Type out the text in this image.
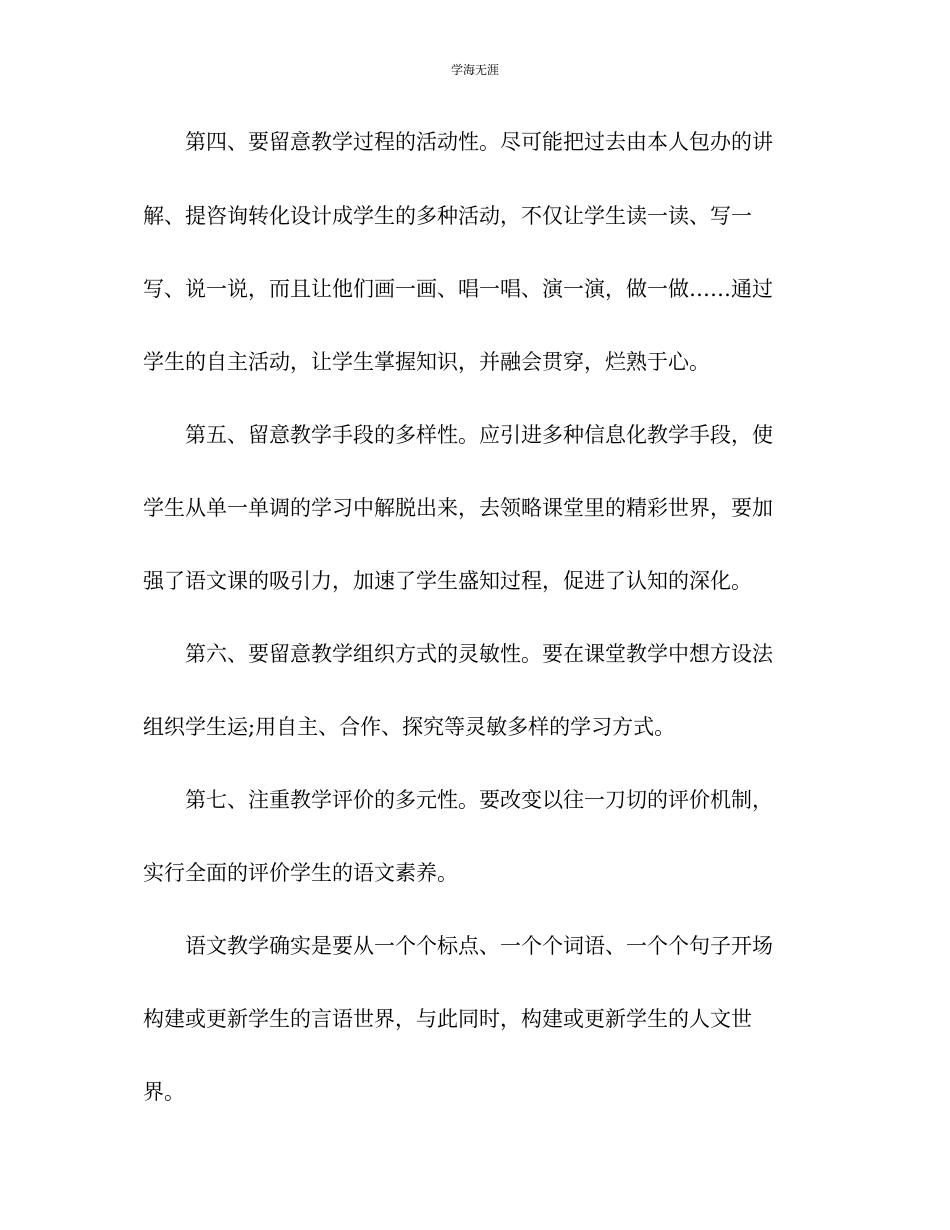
学海无涯
第四、要留意教学过程的活动性。尽可能把过去由本人包办的讲
解、提咨询转化设计成学生的多种活动，不仅让学生读一读、写一
写、说一说，而且让他们画一画、唱一唱、演一演，做一做……通过
学生的自主活动，让学生掌握知识，并融会贯穿，烂熟于心。
第五、留意教学手段的多样性。应引进多种信息化教学手段，使
学生从单一单调的学习中解脱出来，去领略课堂里的精彩世界，要加
强了语文课的吸引力，加速了学生盛知过程，促进了认知的深化。
第六、要留意教学组织方式的灵敏性。要在课堂教学中想方设法
组织学生运;用自主、合作、探究等灵敏多样的学习方式。
第七、注重教学评价的多元性。要改变以往一刀切的评价机制，
实行全面的评价学生的语文素养。
语文教学确实是要从一个个标点、一个个词语、一个个句子开场
构建或更新学生的言语世界，与此同时，构建或更新学生的人文世
界。
